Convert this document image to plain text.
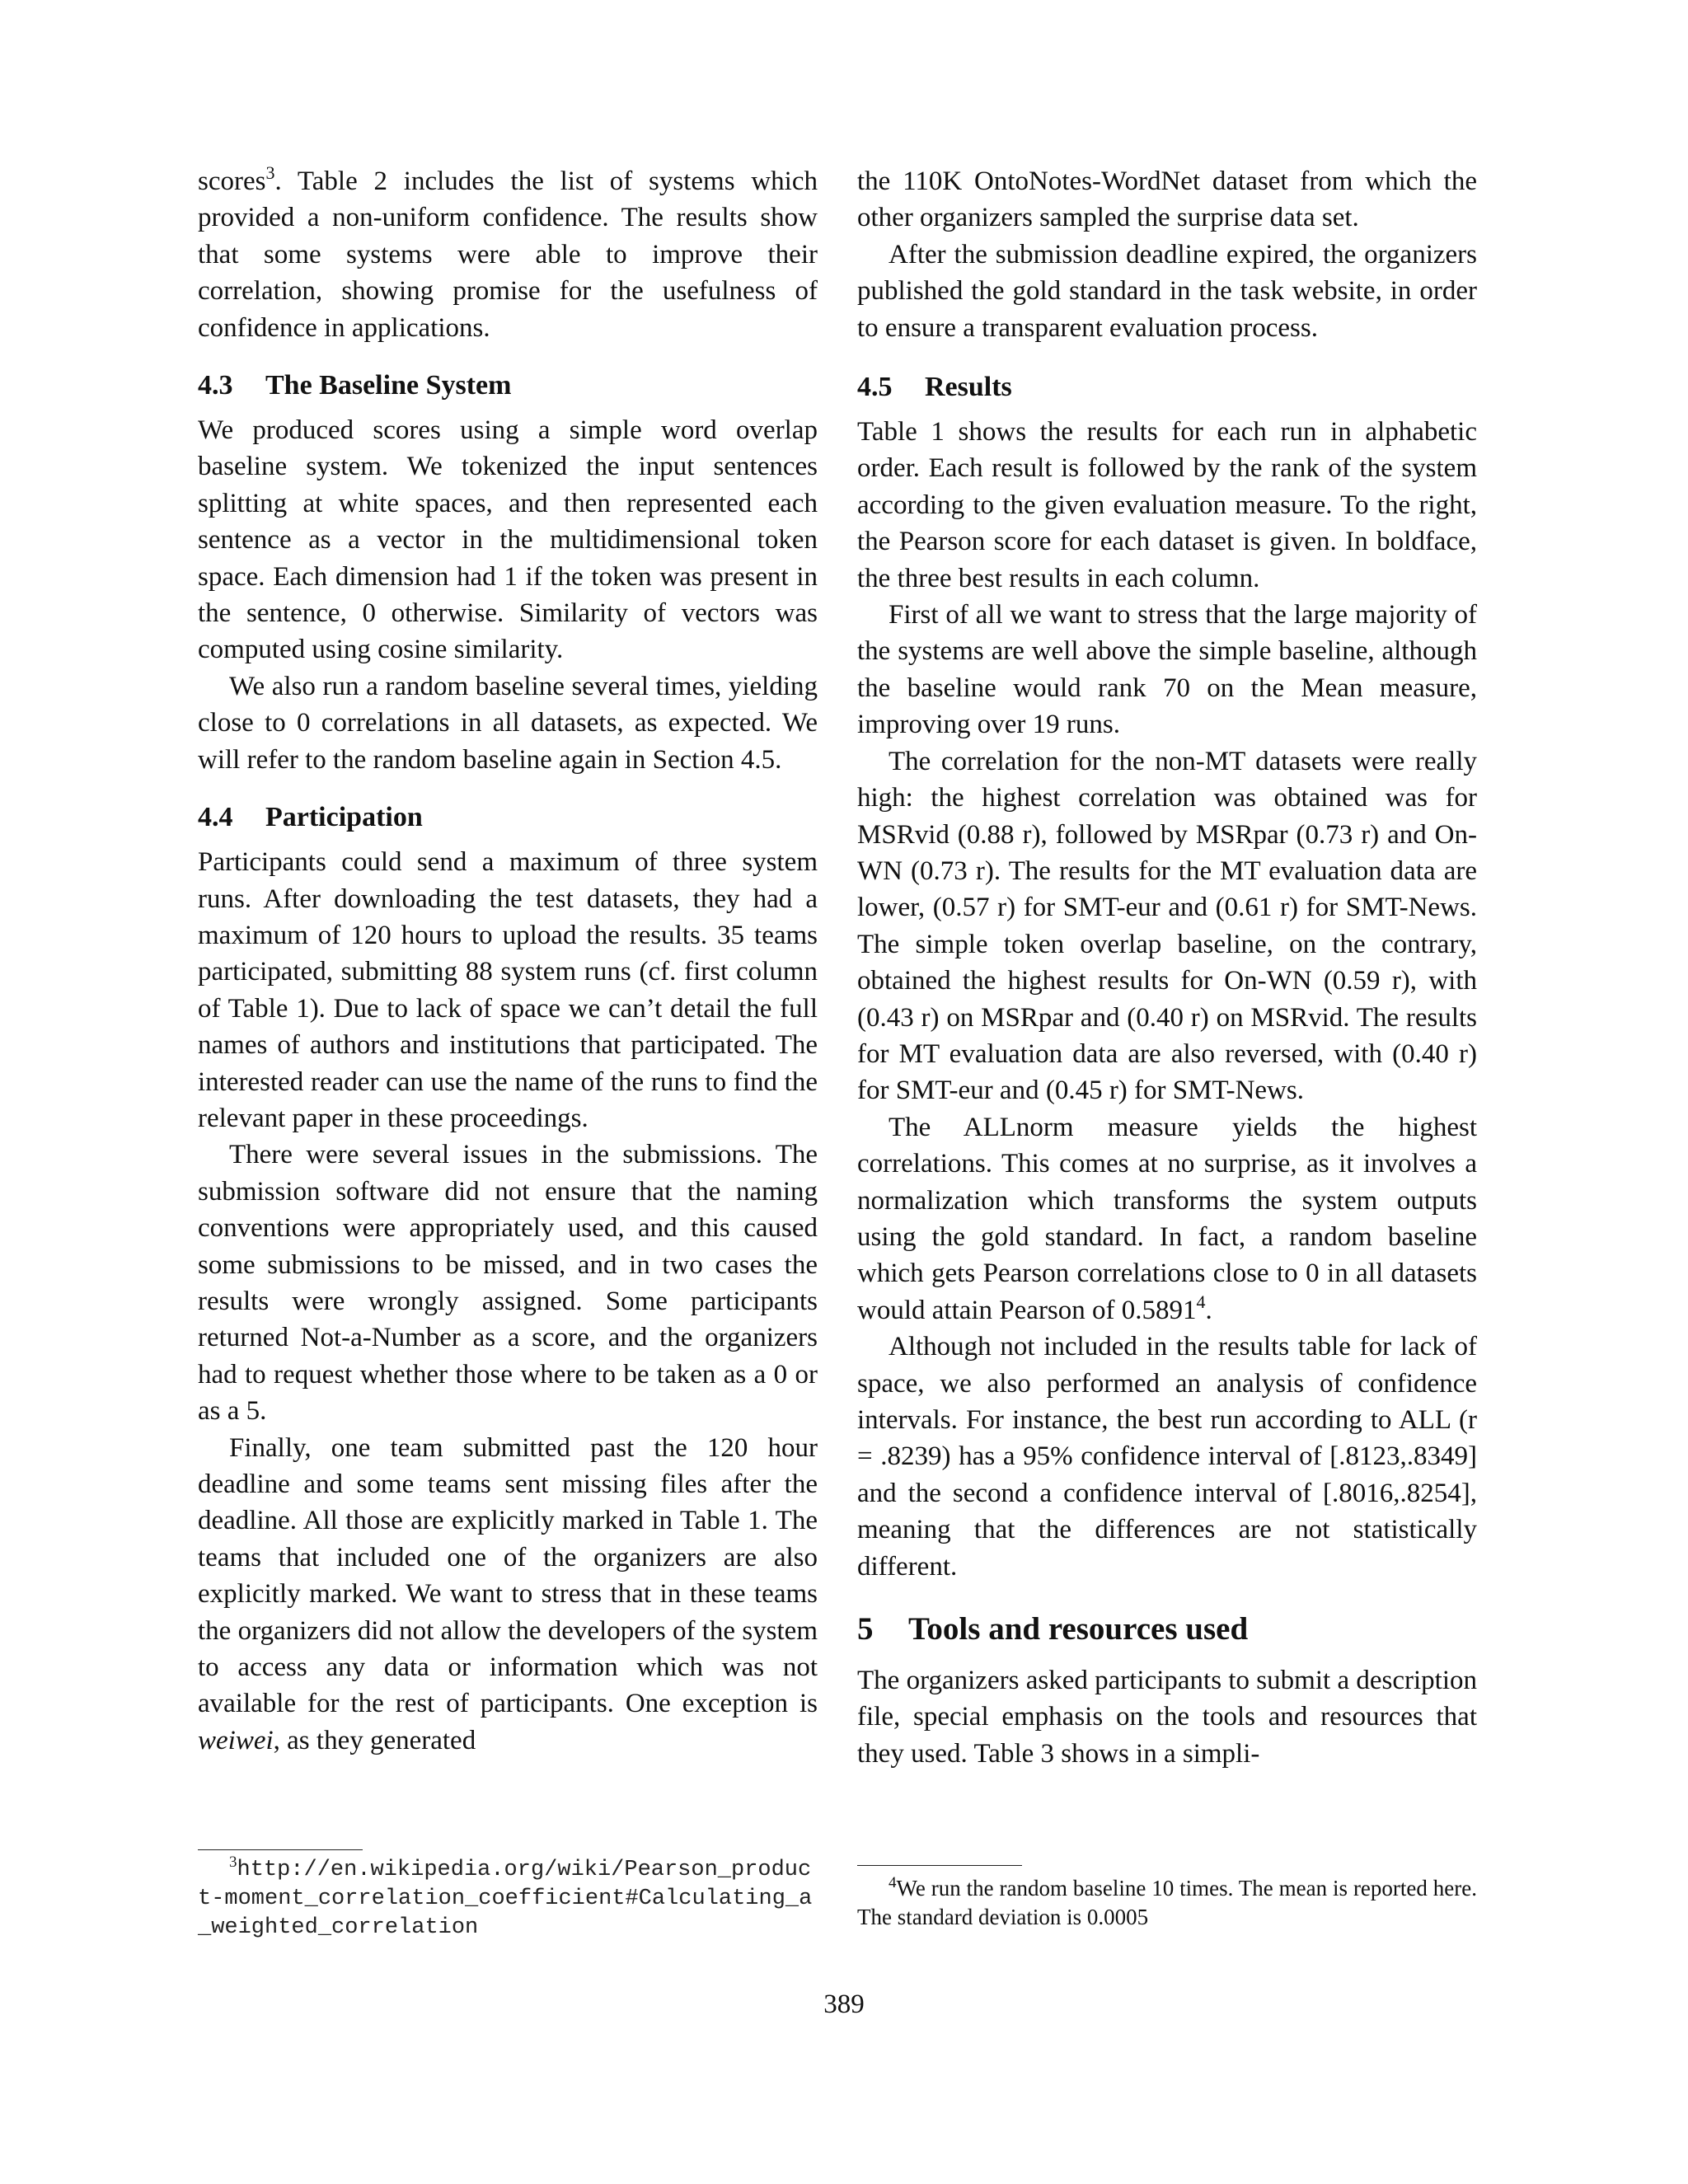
scores$^3$. Table 2 includes the list of systems which provided a non-uniform confidence. The results show that some systems were able to improve their correlation, showing promise for the usefulness of confidence in applications.

4.3 The Baseline System

We produced scores using a simple word overlap baseline system. We tokenized the input sentences splitting at white spaces, and then represented each sentence as a vector in the multidimensional token space. Each dimension had 1 if the token was present in the sentence, 0 otherwise. Similarity of vectors was computed using cosine similarity.

We also run a random baseline several times, yielding close to 0 correlations in all datasets, as expected. We will refer to the random baseline again in Section 4.5.

4.4 Participation

Participants could send a maximum of three system runs. After downloading the test datasets, they had a maximum of 120 hours to upload the results. 35 teams participated, submitting 88 system runs (cf. first column of Table 1). Due to lack of space we can’t detail the full names of authors and institutions that participated. The interested reader can use the name of the runs to find the relevant paper in these proceedings.

There were several issues in the submissions. The submission software did not ensure that the naming conventions were appropriately used, and this caused some submissions to be missed, and in two cases the results were wrongly assigned. Some participants returned Not-a-Number as a score, and the organizers had to request whether those where to be taken as a 0 or as a 5.

Finally, one team submitted past the 120 hour deadline and some teams sent missing files after the deadline. All those are explicitly marked in Table 1. The teams that included one of the organizers are also explicitly marked. We want to stress that in these teams the organizers did not allow the developers of the system to access any data or information which was not available for the rest of participants. One exception is weiwei, as they generated

the 110K OntoNotes-WordNet dataset from which the other organizers sampled the surprise data set.

After the submission deadline expired, the organizers published the gold standard in the task website, in order to ensure a transparent evaluation process.

4.5 Results

Table 1 shows the results for each run in alphabetic order. Each result is followed by the rank of the system according to the given evaluation measure. To the right, the Pearson score for each dataset is given. In boldface, the three best results in each column.

First of all we want to stress that the large majority of the systems are well above the simple baseline, although the baseline would rank 70 on the Mean measure, improving over 19 runs.

The correlation for the non-MT datasets were really high: the highest correlation was obtained was for MSRvid (0.88 r), followed by MSRpar (0.73 r) and On-WN (0.73 r). The results for the MT evaluation data are lower, (0.57 r) for SMT-eur and (0.61 r) for SMT-News. The simple token overlap baseline, on the contrary, obtained the highest results for On-WN (0.59 r), with (0.43 r) on MSRpar and (0.40 r) on MSRvid. The results for MT evaluation data are also reversed, with (0.40 r) for SMT-eur and (0.45 r) for SMT-News.

The ALLnorm measure yields the highest correlations. This comes at no surprise, as it involves a normalization which transforms the system outputs using the gold standard. In fact, a random baseline which gets Pearson correlations close to 0 in all datasets would attain Pearson of 0.5891$^4$.

Although not included in the results table for lack of space, we also performed an analysis of confidence intervals. For instance, the best run according to ALL (r = .8239) has a 95% confidence interval of [.8123,.8349] and the second a confidence interval of [.8016,.8254], meaning that the differences are not statistically different.

5 Tools and resources used

The organizers asked participants to submit a description file, special emphasis on the tools and resources that they used. Table 3 shows in a simpli-

$^3$http://en.wikipedia.org/wiki/Pearson_product-moment_correlation_coefficient#Calculating_a_weighted_correlation

$^4$We run the random baseline 10 times. The mean is reported here. The standard deviation is 0.0005

389
